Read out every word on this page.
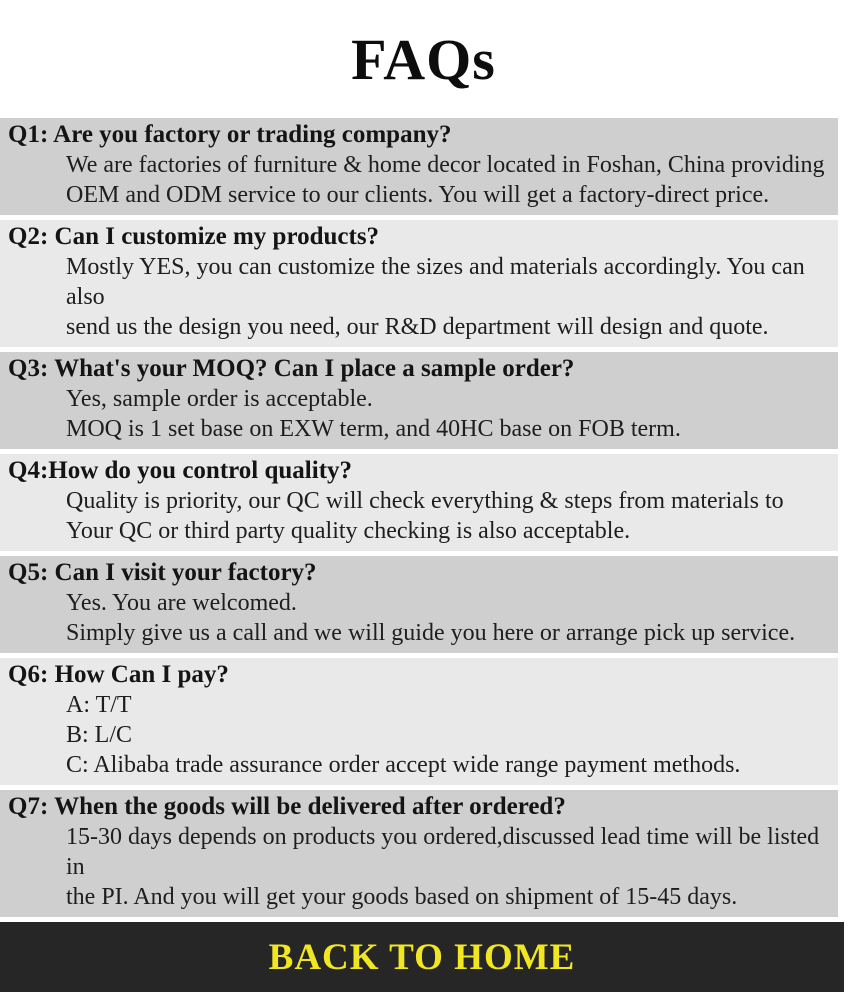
FAQs
Q1: Are you factory or trading company?
We are factories of furniture & home decor located in Foshan, China providing
OEM and ODM service to our clients. You will get a factory-direct price.
Q2: Can I customize my products?
Mostly YES, you can customize the sizes and materials accordingly. You can also
send us the design you need, our R&D department will design and quote.
Q3: What's your MOQ? Can I place a sample order?
Yes, sample order is acceptable.
MOQ is 1 set base on EXW term, and 40HC base on FOB term.
Q4:How do you control quality?
Quality is priority, our QC will check everything & steps from materials to
Your QC or third party quality checking is also acceptable.
Q5: Can I visit your factory?
Yes. You are welcomed.
Simply give us a call and we will guide you here or arrange pick up service.
Q6: How Can I pay?
A: T/T
B: L/C
C: Alibaba trade assurance order accept wide range payment methods.
Q7: When the goods will be delivered after ordered?
15-30 days depends on products you ordered,discussed lead time will be listed in
the PI. And you will get your goods based on shipment of 15-45 days.
BACK TO HOME
